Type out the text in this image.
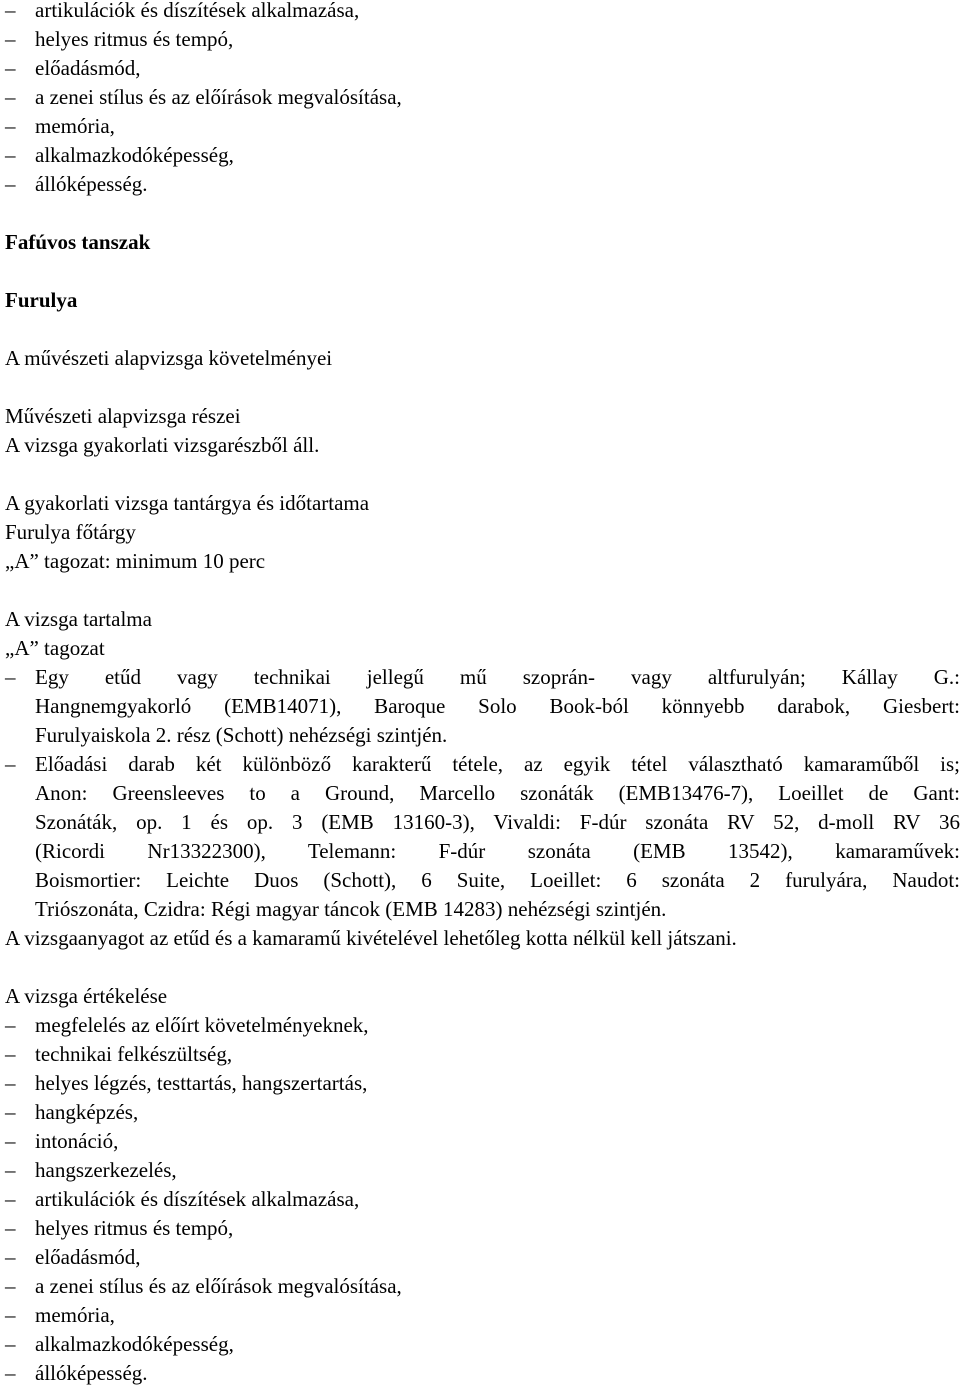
– artikulációk és díszítések alkalmazása,
– helyes ritmus és tempó,
– előadásmód,
– a zenei stílus és az előírások megvalósítása,
– memória,
– alkalmazkodóképesség,
– állóképesség.
Fafúvos tanszak
Furulya
A művészeti alapvizsga követelményei
Művészeti alapvizsga részei
A vizsga gyakorlati vizsgarészből áll.
A gyakorlati vizsga tantárgya és időtartama
Furulya főtárgy
„A” tagozat: minimum 10 perc
A vizsga tartalma
„A” tagozat
– Egy etűd vagy technikai jellegű mű szoprán- vagy altfurulyán; Kállay G.:
Hangnemgyakorló (EMB14071), Baroque Solo Book-ból könnyebb darabok, Giesbert:
Furulyaiskola 2. rész (Schott) nehézségi szintjén.
– Előadási darab két különböző karakterű tétele, az egyik tétel választható kamaraműből is;
Anon: Greensleeves to a Ground, Marcello szonáták (EMB13476-7), Loeillet de Gant:
Szonáták, op. 1 és op. 3 (EMB 13160-3), Vivaldi: F-dúr szonáta RV 52, d-moll RV 36
(Ricordi Nr13322300), Telemann: F-dúr szonáta (EMB 13542), kamaraművek:
Boismortier: Leichte Duos (Schott), 6 Suite, Loeillet: 6 szonáta 2 furulyára, Naudot:
Triószonáta, Czidra: Régi magyar táncok (EMB 14283) nehézségi szintjén.
A vizsgaanyagot az etűd és a kamaramű kivételével lehetőleg kotta nélkül kell játszani.
A vizsga értékelése
– megfelelés az előírt követelményeknek,
– technikai felkészültség,
– helyes légzés, testtartás, hangszertartás,
– hangképzés,
– intonáció,
– hangszerkezelés,
– artikulációk és díszítések alkalmazása,
– helyes ritmus és tempó,
– előadásmód,
– a zenei stílus és az előírások megvalósítása,
– memória,
– alkalmazkodóképesség,
– állóképesség.
